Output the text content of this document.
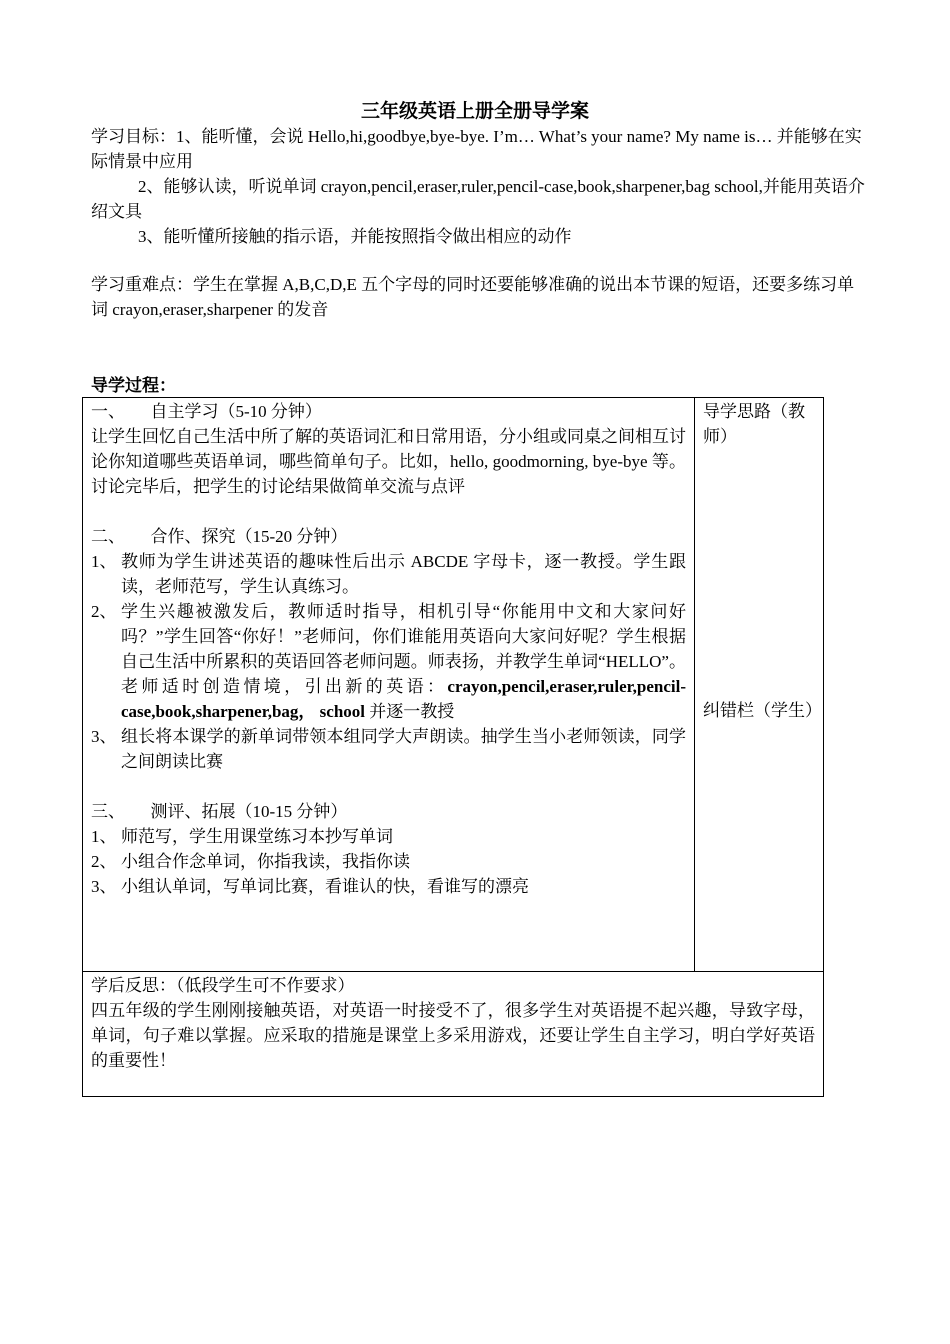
三年级英语上册全册导学案
学习目标：1、能听懂，会说 Hello,hi,goodbye,bye-bye. I’m… What’s your name? My name is… 并能够在实际情景中应用
2、能够认读，听说单词 crayon,pencil,eraser,ruler,pencil-case,book,sharpener,bag school,并能用英语介绍文具
3、能听懂所接触的指示语，并能按照指令做出相应的动作
学习重难点：学生在掌握 A,B,C,D,E 五个字母的同时还要能够准确的说出本节课的短语，还要多练习单词 crayon,eraser,sharpener 的发音
导学过程：
一、 自主学习（5-10 分钟）
让学生回忆自己生活中所了解的英语词汇和日常用语，分小组或同桌之间相互讨论你知道哪些英语单词，哪些简单句子。比如，hello, goodmorning, bye-bye 等。讨论完毕后，把学生的讨论结果做简单交流与点评
二、 合作、探究（15-20 分钟）
1、 教师为学生讲述英语的趣味性后出示 ABCDE 字母卡，逐一教授。学生跟读，老师范写，学生认真练习。
2、 学生兴趣被激发后，教师适时指导，相机引导“你能用中文和大家问好吗？”学生回答“你好！”老师问，你们谁能用英语向大家问好呢？学生根据自己生活中所累积的英语回答老师问题。师表扬，并教学生单词“HELLO”。老师适时创造情境，引出新的英语：crayon,pencil,eraser,ruler,pencil-case,book,sharpener,bag， school 并逐一教授
3、 组长将本课学的新单词带领本组同学大声朗读。抽学生当小老师领读，同学之间朗读比赛
三、 测评、拓展（10-15 分钟）
1、 师范写，学生用课堂练习本抄写单词
2、 小组合作念单词，你指我读，我指你读
3、 小组认单词，写单词比赛，看谁认的快，看谁写的漂亮

导学思路（教师）
纠错栏（学生）

学后反思：（低段学生可不作要求）
四五年级的学生刚刚接触英语，对英语一时接受不了，很多学生对英语提不起兴趣，导致字母，单词，句子难以掌握。应采取的措施是课堂上多采用游戏，还要让学生自主学习，明白学好英语的重要性！
